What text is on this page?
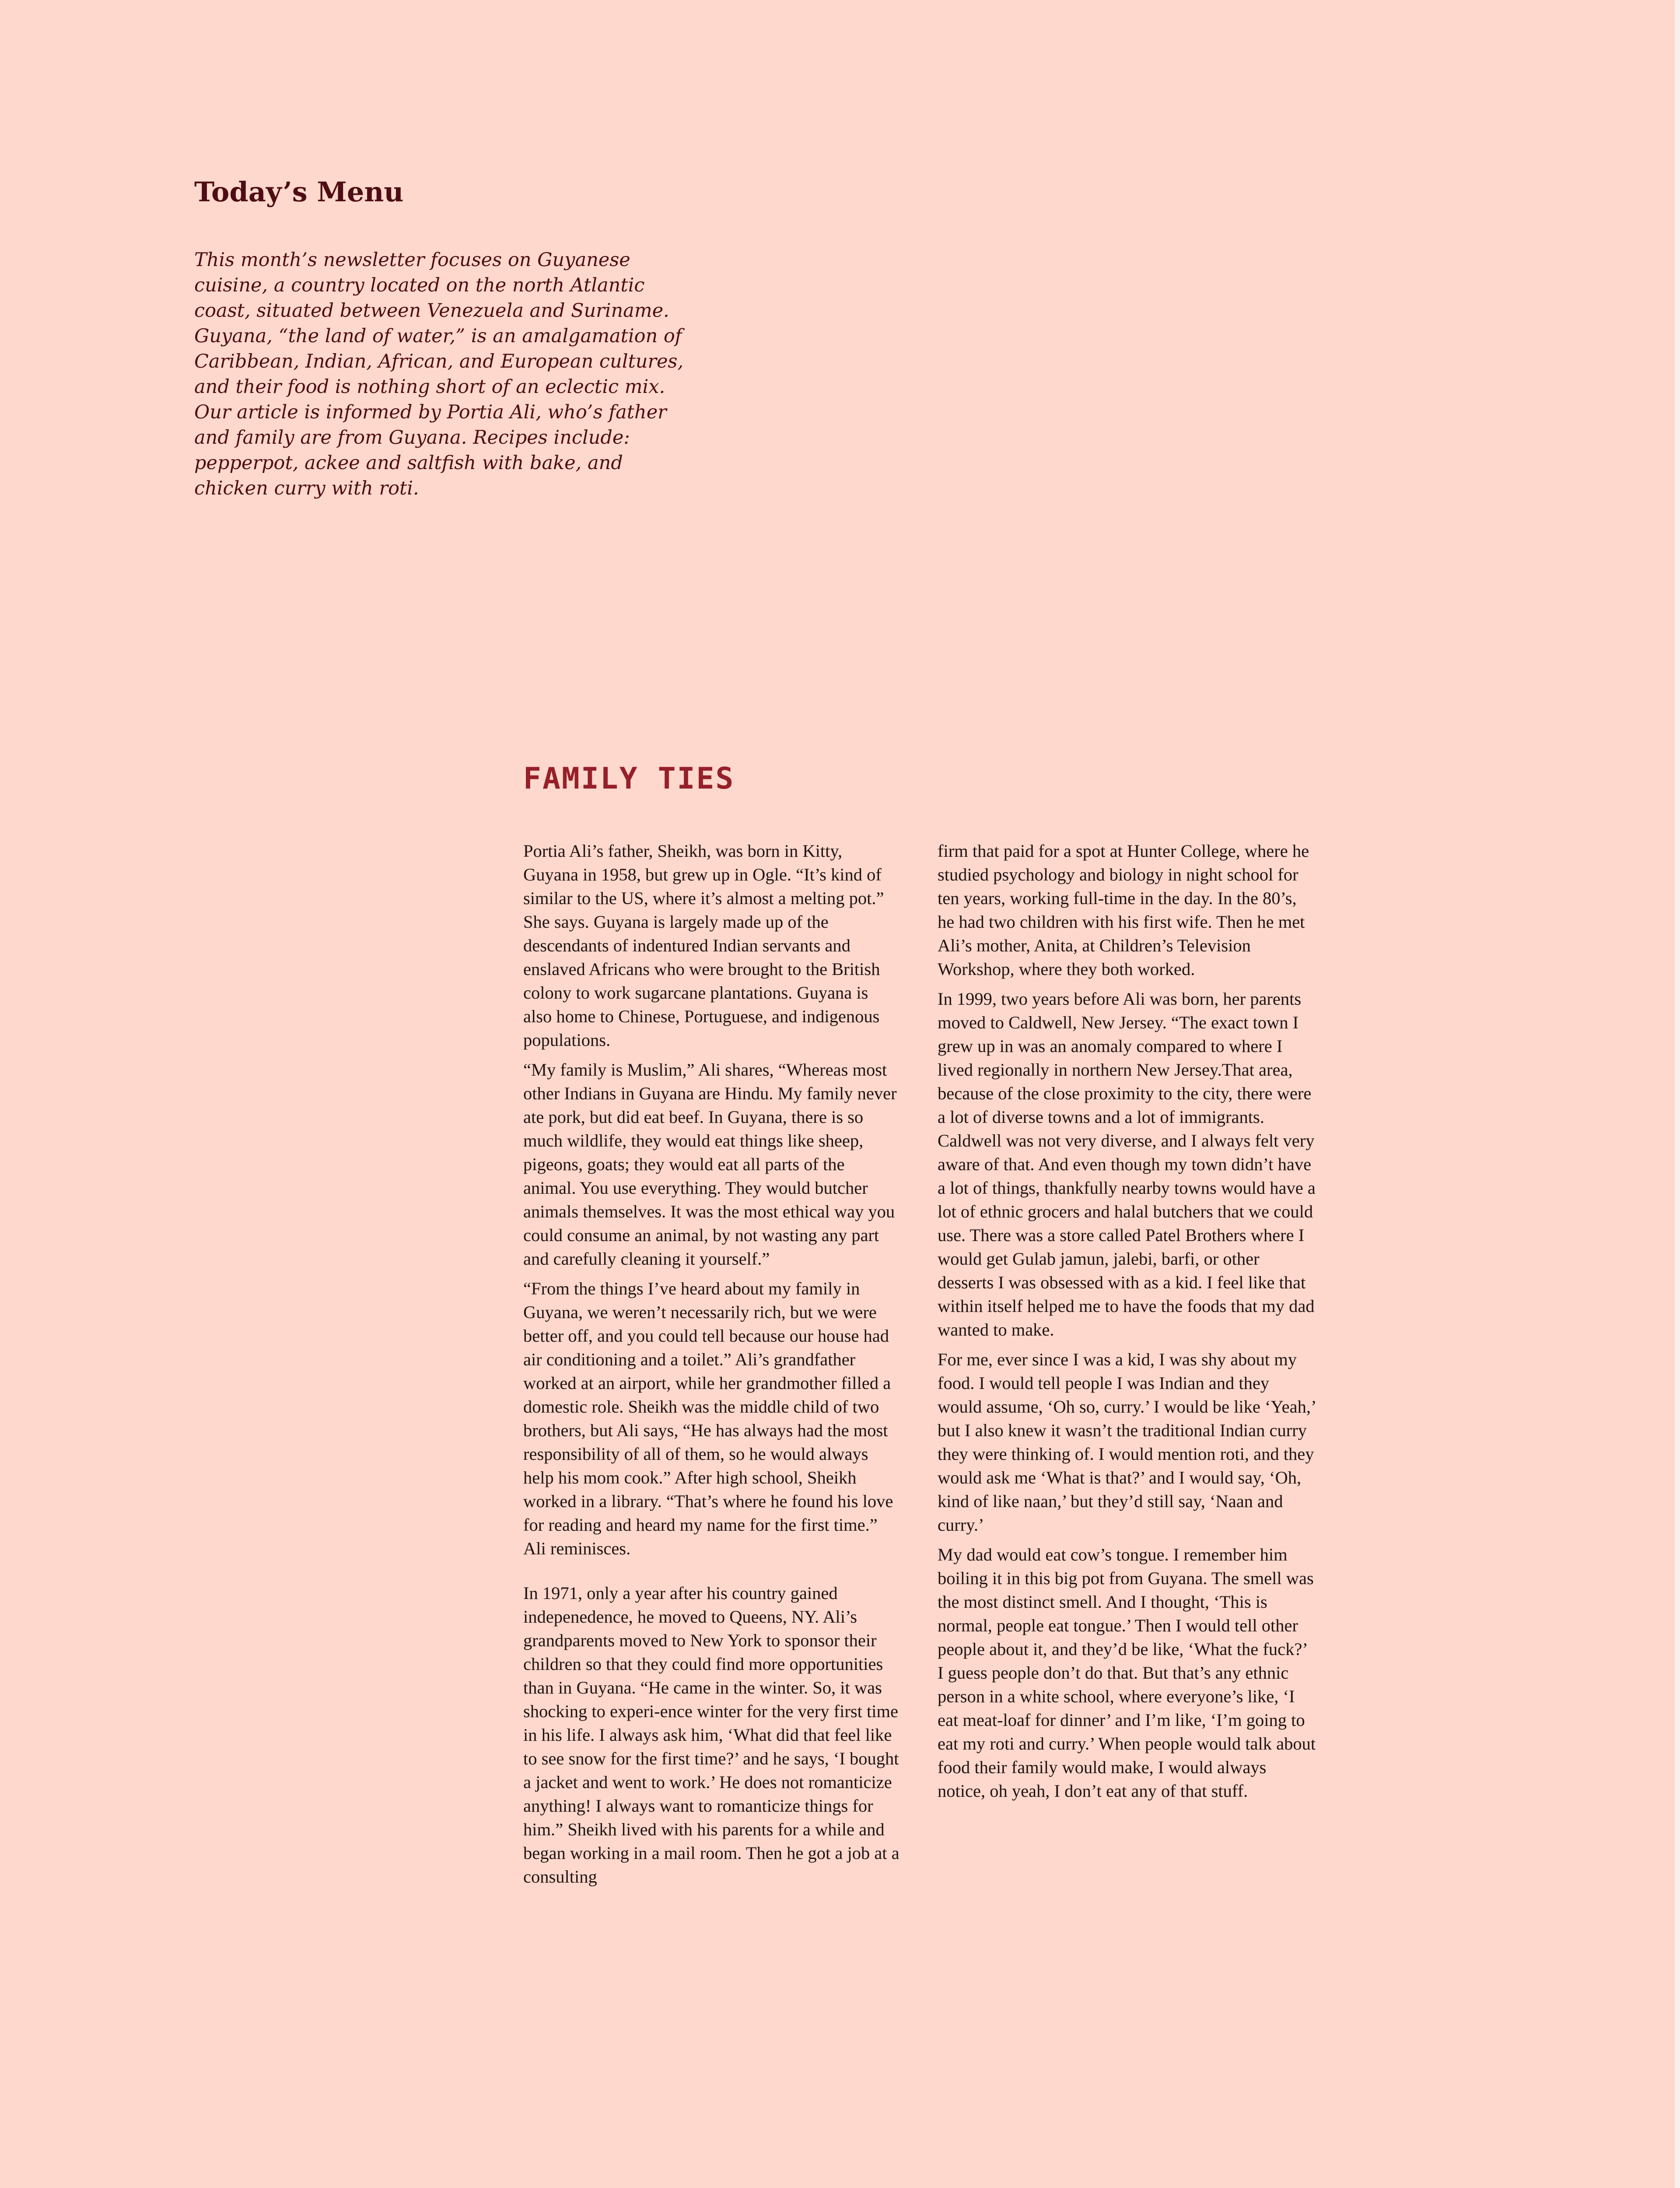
Today’s Menu

This month’s newsletter focuses on Guyanese cuisine, a country located on the north Atlantic coast, situated between Venezuela and Suriname. Guyana, “the land of water,” is an amalgamation of Caribbean, Indian, African, and European cultures, and their food is nothing short of an eclectic mix. Our article is informed by Portia Ali, who’s father and family are from Guyana. Recipes include: pepperpot, ackee and saltfish with bake, and chicken curry with roti.

FAMILY TIES

Portia Ali’s father, Sheikh, was born in Kitty, Guyana in 1958, but grew up in Ogle. “It’s kind of similar to the US, where it’s almost a melting pot.” She says. Guyana is largely made up of the descendants of indentured Indian servants and enslaved Africans who were brought to the British colony to work sugarcane plantations. Guyana is also home to Chinese, Portuguese, and indigenous populations.

“My family is Muslim,” Ali shares, “Whereas most other Indians in Guyana are Hindu. My family never ate pork, but did eat beef. In Guyana, there is so much wildlife, they would eat things like sheep, pigeons, goats; they would eat all parts of the animal. You use everything. They would butcher animals themselves. It was the most ethical way you could consume an animal, by not wasting any part and carefully cleaning it yourself.”

“From the things I’ve heard about my family in Guyana, we weren’t necessarily rich, but we were better off, and you could tell because our house had air conditioning and a toilet.” Ali’s grandfather worked at an airport, while her grandmother filled a domestic role. Sheikh was the middle child of two brothers, but Ali says, “He has always had the most responsibility of all of them, so he would always help his mom cook.” After high school, Sheikh worked in a library. “That’s where he found his love for reading and heard my name for the first time.” Ali reminisces.

In 1971, only a year after his country gained indepenedence, he moved to Queens, NY. Ali’s grandparents moved to New York to sponsor their children so that they could find more opportunities than in Guyana. “He came in the winter. So, it was shocking to experi-ence winter for the very first time in his life. I always ask him, ‘What did that feel like to see snow for the first time?’ and he says, ‘I bought a jacket and went to work.’ He does not romanticize anything! I always want to romanticize things for him.” Sheikh lived with his parents for a while and began working in a mail room. Then he got a job at a consulting

firm that paid for a spot at Hunter College, where he studied psychology and biology in night school for ten years, working full-time in the day. In the 80’s, he had two children with his first wife. Then he met Ali’s mother, Anita, at Children’s Television Workshop, where they both worked.

In 1999, two years before Ali was born, her parents moved to Caldwell, New Jersey. “The exact town I grew up in was an anomaly compared to where I lived regionally in northern New Jersey.That area, because of the close proximity to the city, there were a lot of diverse towns and a lot of immigrants. Caldwell was not very diverse, and I always felt very aware of that. And even though my town didn’t have a lot of things, thankfully nearby towns would have a lot of ethnic grocers and halal butchers that we could use. There was a store called Patel Brothers where I would get Gulab jamun, jalebi, barfi, or other desserts I was obsessed with as a kid. I feel like that within itself helped me to have the foods that my dad wanted to make.

For me, ever since I was a kid, I was shy about my food. I would tell people I was Indian and they would assume, ‘Oh so, curry.’ I would be like ‘Yeah,’ but I also knew it wasn’t the traditional Indian curry they were thinking of. I would mention roti, and they would ask me ‘What is that?’ and I would say, ‘Oh, kind of like naan,’ but they’d still say, ‘Naan and curry.’

My dad would eat cow’s tongue. I remember him boiling it in this big pot from Guyana. The smell was the most distinct smell. And I thought, ‘This is normal, people eat tongue.’ Then I would tell other people about it, and they’d be like, ‘What the fuck?’ I guess people don’t do that. But that’s any ethnic person in a white school, where everyone’s like, ‘I eat meat-loaf for dinner’ and I’m like, ‘I’m going to eat my roti and curry.’ When people would talk about food their family would make, I would always notice, oh yeah, I don’t eat any of that stuff.
